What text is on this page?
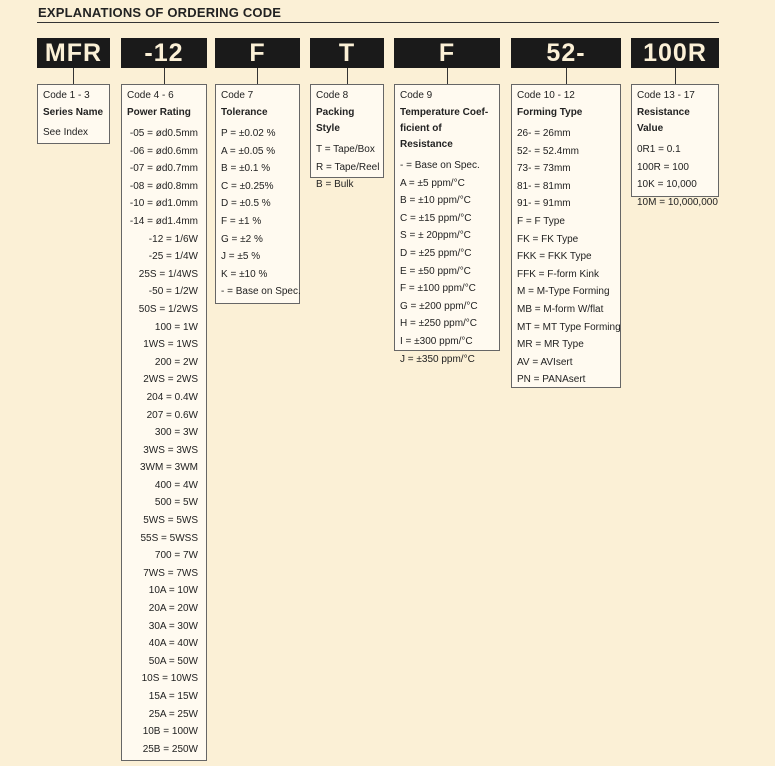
EXPLANATIONS OF ORDERING CODE
MFR	-12	F	T	F	52-	100R
Code 1 - 3
Series Name
See Index
Code 4 - 6
Power Rating
-05 = ød0.5mm
-06 = ød0.6mm
-07 = ød0.7mm
-08 = ød0.8mm
-10 = ød1.0mm
-14 = ød1.4mm
-12 = 1/6W
-25 = 1/4W
25S = 1/4WS
-50 = 1/2W
50S = 1/2WS
100 = 1W
1WS = 1WS
200 = 2W
2WS = 2WS
204 = 0.4W
207 = 0.6W
300 = 3W
3WS = 3WS
3WM = 3WM
400 = 4W
500 = 5W
5WS = 5WS
55S = 5WSS
700 = 7W
7WS = 7WS
10A = 10W
20A = 20W
30A = 30W
40A = 40W
50A = 50W
10S = 10WS
15A = 15W
25A = 25W
10B = 100W
25B = 250W
Code 7
Tolerance
P = ±0.02 %
A = ±0.05 %
B = ±0.1 %
C = ±0.25%
D = ±0.5 %
F = ±1 %
G = ±2 %
J = ±5 %
K = ±10 %
- = Base on Spec.
Code 8
Packing Style
T = Tape/Box
R = Tape/Reel
B = Bulk
Code 9
Temperature Coef-
ficient of Resistance
- = Base on Spec.
A = ±5 ppm/°C
B = ±10 ppm/°C
C = ±15 ppm/°C
S = ± 20ppm/°C
D = ±25 ppm/°C
E = ±50 ppm/°C
F = ±100 ppm/°C
G = ±200 ppm/°C
H = ±250 ppm/°C
I = ±300 ppm/°C
J = ±350 ppm/°C
Code 10 - 12
Forming Type
26- = 26mm
52- = 52.4mm
73- = 73mm
81- = 81mm
91- = 91mm
F = F Type
FK = FK Type
FKK = FKK Type
FFK = F-form Kink
M = M-Type Forming
MB = M-form W/flat
MT = MT Type Forming
MR = MR Type
AV = AVIsert
PN = PANAsert
Code 13 - 17
Resistance Value
0R1 = 0.1
100R = 100
10K = 10,000
10M = 10,000,000
